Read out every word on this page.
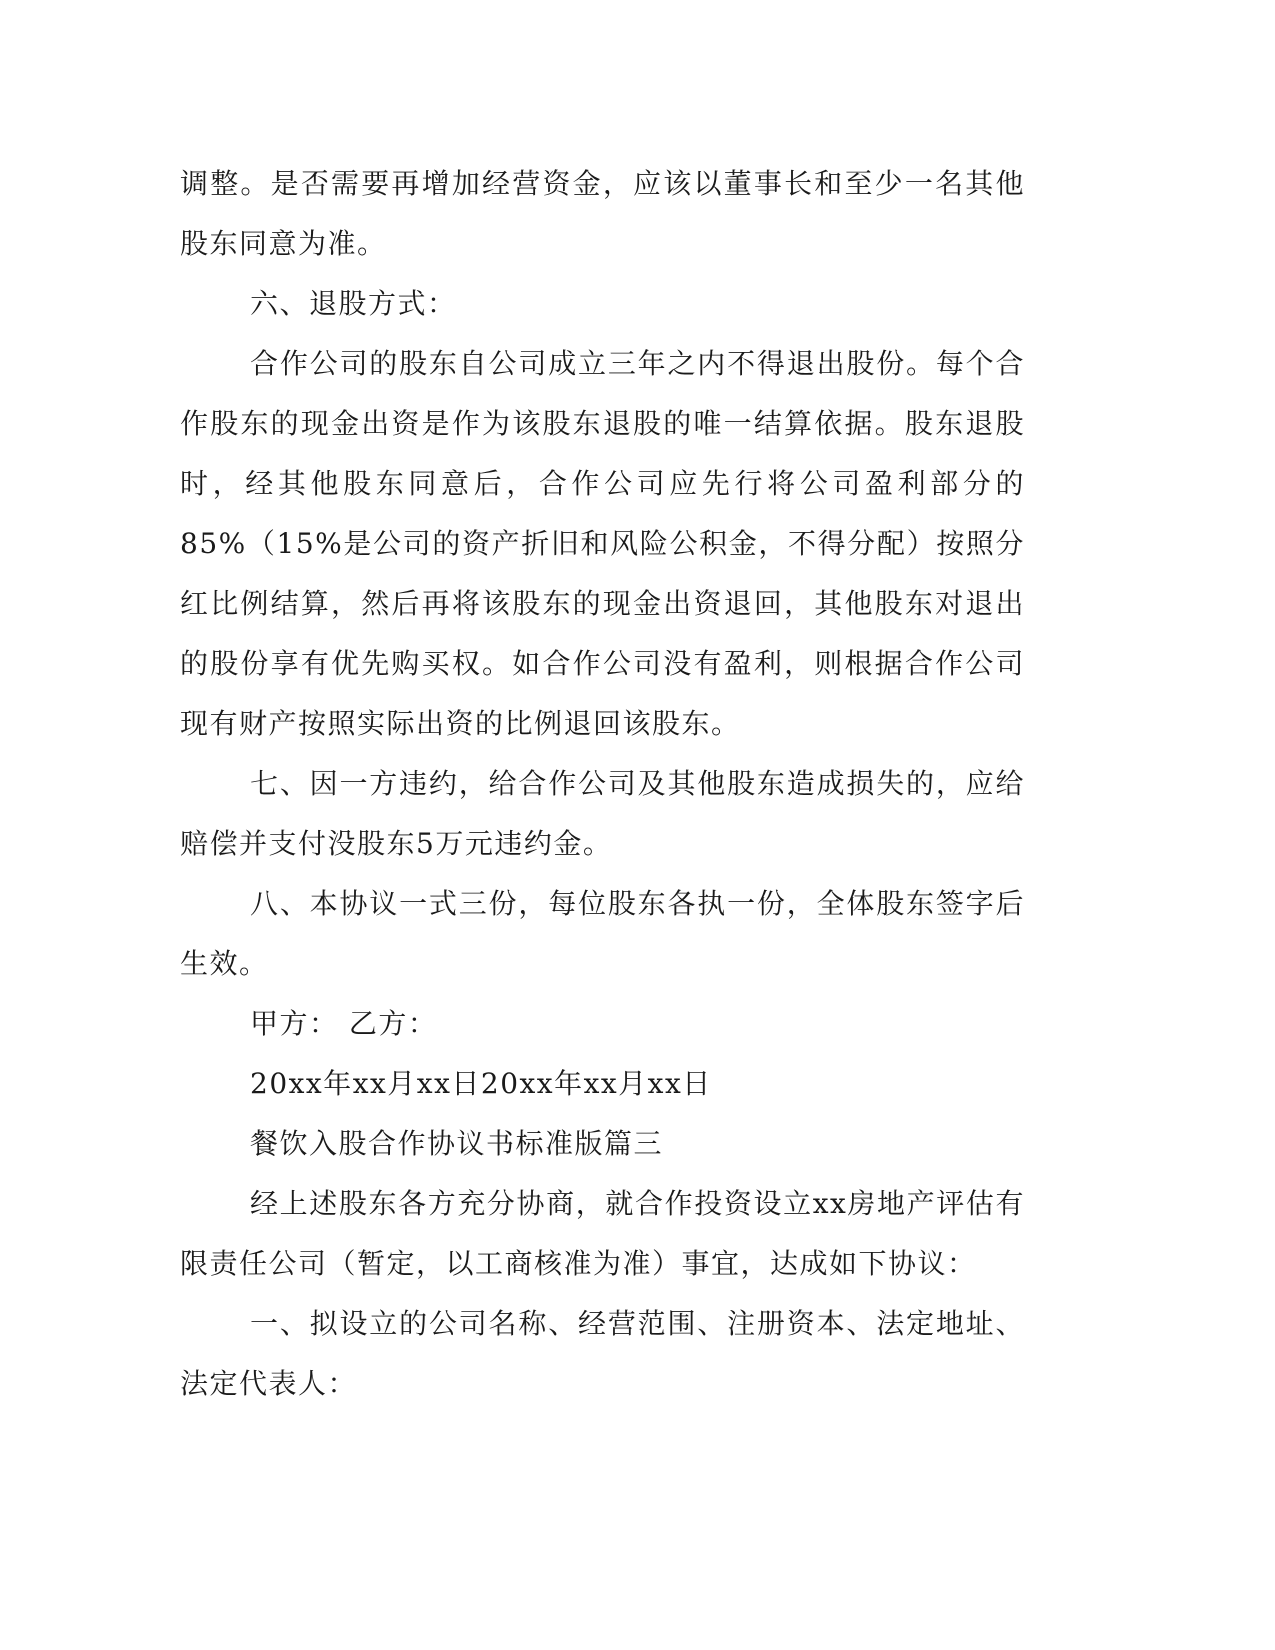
调整。是否需要再增加经营资金，应该以董事长和至少一名其他股东同意为准。

六、退股方式：

合作公司的股东自公司成立三年之内不得退出股份。每个合作股东的现金出资是作为该股东退股的唯一结算依据。股东退股时，经其他股东同意后，合作公司应先行将公司盈利部分的85%（15%是公司的资产折旧和风险公积金，不得分配）按照分红比例结算，然后再将该股东的现金出资退回，其他股东对退出的股份享有优先购买权。如合作公司没有盈利，则根据合作公司现有财产按照实际出资的比例退回该股东。

七、因一方违约，给合作公司及其他股东造成损失的，应给赔偿并支付没股东5万元违约金。

八、本协议一式三份，每位股东各执一份，全体股东签字后生效。

甲方： 乙方：

20xx年xx月xx日20xx年xx月xx日

餐饮入股合作协议书标准版篇三

经上述股东各方充分协商，就合作投资设立xx房地产评估有限责任公司（暂定，以工商核准为准）事宜，达成如下协议：

一、拟设立的公司名称、经营范围、注册资本、法定地址、法定代表人：
